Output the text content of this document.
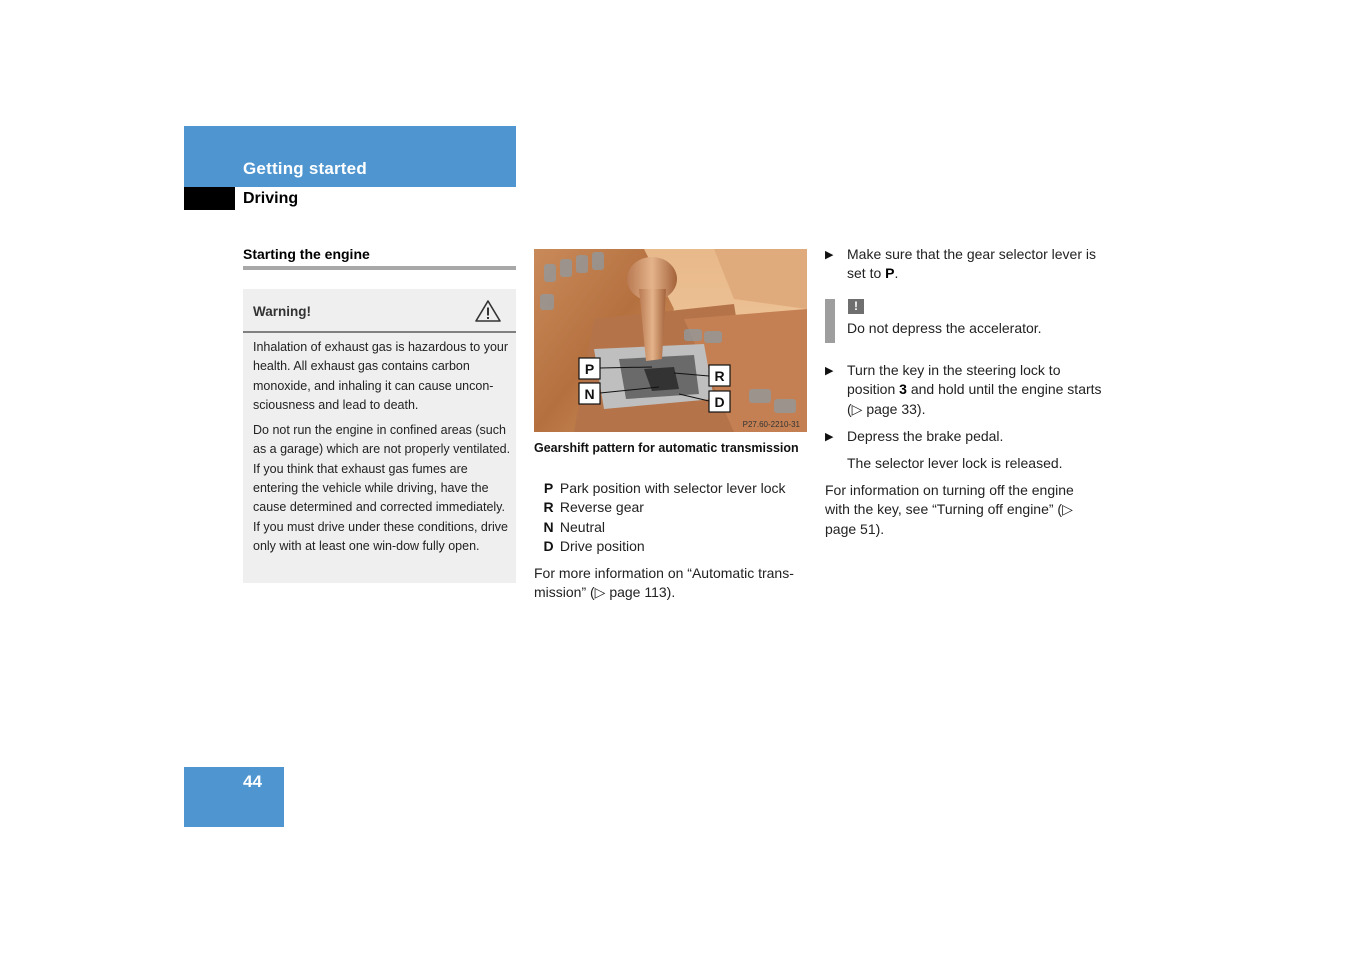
Getting started
Driving
Starting the engine
Warning!

Inhalation of exhaust gas is hazardous to your health. All exhaust gas contains carbon monoxide, and inhaling it can cause uncon-sciousness and lead to death.

Do not run the engine in confined areas (such as a garage) which are not properly ventilated. If you think that exhaust gas fumes are entering the vehicle while driving, have the cause determined and corrected immediately. If you must drive under these conditions, drive only with at least one win-dow fully open.

P
N
R
D
P27.60-2210-31
Gearshift pattern for automatic transmission
P
Park position with selector lever lock
R
Reverse gear
N
Neutral
D
Drive position
For more information on “Automatic trans-mission” (▷ page 113).
▶ Make sure that the gear selector lever is set to P.
!
Do not depress the accelerator.
▶ Turn the key in the steering lock to position 3 and hold until the engine starts (▷ page 33).
▶ Depress the brake pedal.
The selector lever lock is released.
For information on turning off the engine with the key, see “Turning off engine” (▷ page 51).
44
